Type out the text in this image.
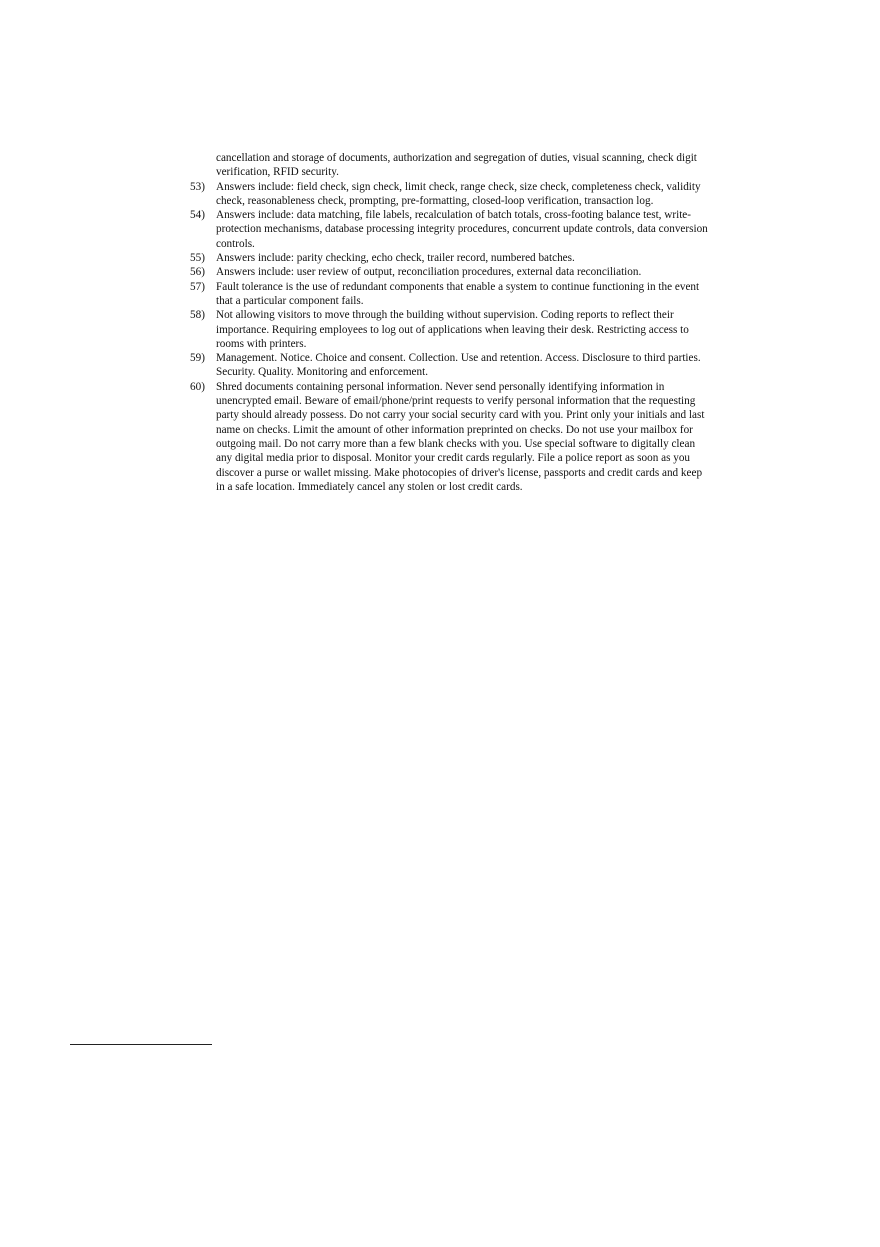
cancellation and storage of documents, authorization and segregation of duties, visual scanning, check digit verification, RFID security.
53) Answers include: field check, sign check, limit check, range check, size check, completeness check, validity check, reasonableness check, prompting, pre-formatting, closed-loop verification, transaction log.
54) Answers include: data matching, file labels, recalculation of batch totals, cross-footing balance test, write-protection mechanisms, database processing integrity procedures, concurrent update controls, data conversion controls.
55) Answers include: parity checking, echo check, trailer record, numbered batches.
56) Answers include: user review of output, reconciliation procedures, external data reconciliation.
57) Fault tolerance is the use of redundant components that enable a system to continue functioning in the event that a particular component fails.
58) Not allowing visitors to move through the building without supervision. Coding reports to reflect their importance. Requiring employees to log out of applications when leaving their desk. Restricting access to rooms with printers.
59) Management. Notice. Choice and consent. Collection. Use and retention. Access. Disclosure to third parties. Security. Quality. Monitoring and enforcement.
60) Shred documents containing personal information. Never send personally identifying information in unencrypted email. Beware of email/phone/print requests to verify personal information that the requesting party should already possess. Do not carry your social security card with you. Print only your initials and last name on checks. Limit the amount of other information preprinted on checks. Do not use your mailbox for outgoing mail. Do not carry more than a few blank checks with you. Use special software to digitally clean any digital media prior to disposal. Monitor your credit cards regularly. File a police report as soon as you discover a purse or wallet missing. Make photocopies of driver's license, passports and credit cards and keep in a safe location. Immediately cancel any stolen or lost credit cards.
